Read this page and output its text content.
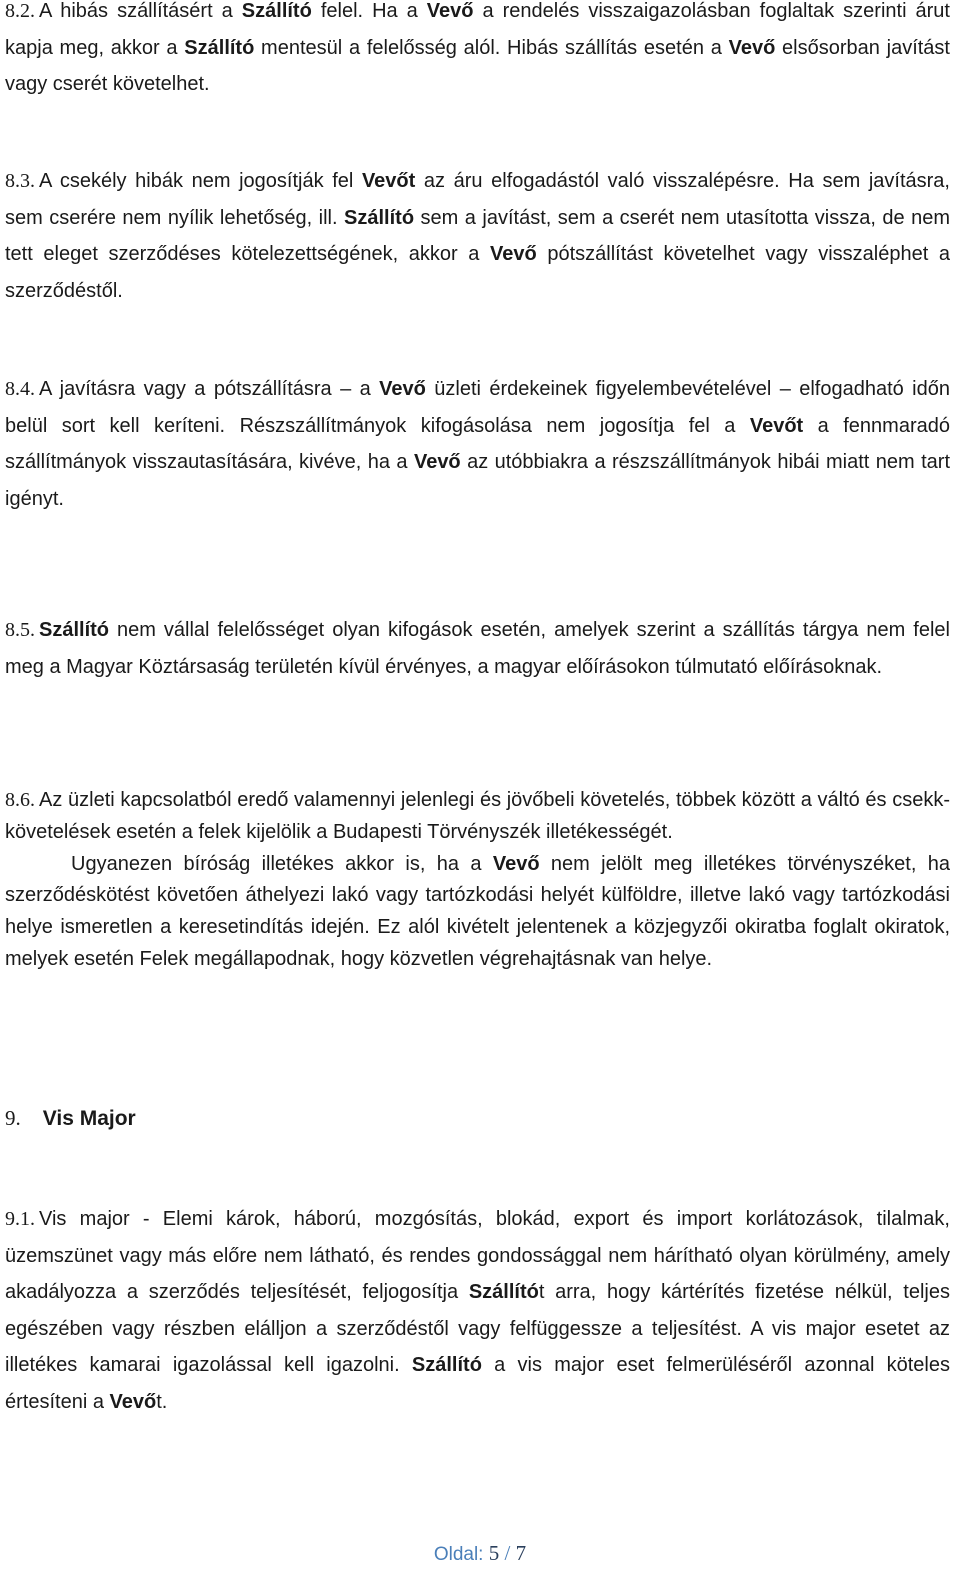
8.2. A hibás szállításért a Szállító felel. Ha a Vevő a rendelés visszaigazolásban foglaltak szerinti árut kapja meg, akkor a Szállító mentesül a felelősség alól. Hibás szállítás esetén a Vevő elsősorban javítást vagy cserét követelhet.
8.3. A csekély hibák nem jogosítják fel Vevőt az áru elfogadástól való visszalépésre. Ha sem javításra, sem cserére nem nyílik lehetőség, ill. Szállító sem a javítást, sem a cserét nem utasította vissza, de nem tett eleget szerződéses kötelezettségének, akkor a Vevő pótszállítást követelhet vagy visszaléphet a szerződéstől.
8.4. A javításra vagy a pótszállításra – a Vevő üzleti érdekeinek figyelembevételével – elfogadható időn belül sort kell keríteni. Részszállítmányok kifogásolása nem jogosítja fel a Vevőt a fennmaradó szállítmányok visszautasítására, kivéve, ha a Vevő az utóbbiakra a részszállítmányok hibái miatt nem tart igényt.
8.5. Szállító nem vállal felelősséget olyan kifogások esetén, amelyek szerint a szállítás tárgya nem felel meg a Magyar Köztársaság területén kívül érvényes, a magyar előírásokon túlmutató előírásoknak.

8.6. Az üzleti kapcsolatból eredő valamennyi jelenlegi és jövőbeli követelés, többek között a váltó és csekk-követelések esetén a felek kijelölik a Budapesti Törvényszék illetékességét.

Ugyanezen bíróság illetékes akkor is, ha a Vevő nem jelölt meg illetékes törvényszéket, ha szerződéskötést követően áthelyezi lakó vagy tartózkodási helyét külföldre, illetve lakó vagy tartózkodási helye ismeretlen a keresetindítás idején. Ez alól kivételt jelentenek a közjegyzői okiratba foglalt okiratok, melyek esetén Felek megállapodnak, hogy közvetlen végrehajtásnak van helye.

9. Vis Major
9.1. Vis major - Elemi károk, háború, mozgósítás, blokád, export és import korlátozások, tilalmak, üzemszünet vagy más előre nem látható, és rendes gondossággal nem hárítható olyan körülmény, amely akadályozza a szerződés teljesítését, feljogosítja Szállítót arra, hogy kártérítés fizetése nélkül, teljes egészében vagy részben elálljon a szerződéstől vagy felfüggessze a teljesítést. A vis major esetet az illetékes kamarai igazolással kell igazolni. Szállító a vis major eset felmerüléséről azonnal köteles értesíteni a Vevőt.
Oldal: 5 / 7
